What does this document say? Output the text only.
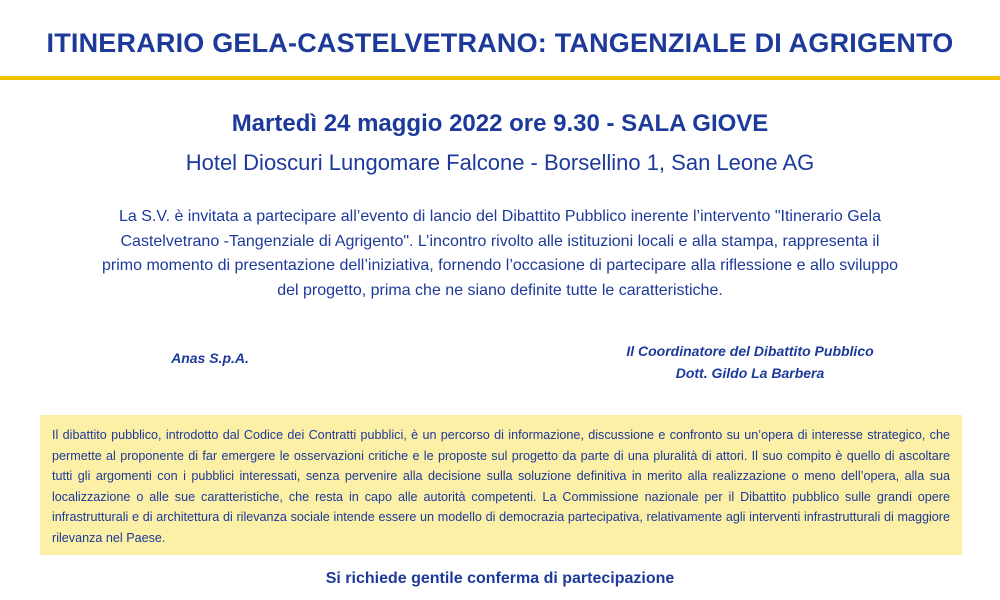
ITINERARIO GELA-CASTELVETRANO: TANGENZIALE DI AGRIGENTO
Martedì 24 maggio 2022 ore 9.30 - SALA GIOVE
Hotel Dioscuri Lungomare Falcone - Borsellino 1, San Leone AG

La S.V. è invitata a partecipare all’evento di lancio del Dibattito Pubblico inerente l’intervento "Itinerario Gela

Castelvetrano -Tangenziale di Agrigento". L’incontro rivolto alle istituzioni locali e alla stampa, rappresenta il

primo momento di presentazione dell’iniziativa, fornendo l’occasione di partecipare alla riflessione e allo sviluppo

del progetto, prima che ne siano definite tutte le caratteristiche.

Anas S.p.A.	Il Coordinatore del Dibattito Pubblico
Dott. Gildo La Barbera

Il dibattito pubblico, introdotto dal Codice dei Contratti pubblici, è un percorso di informazione, discussione e confronto su un’opera di interesse strategico, che permette al proponente di far emergere le osservazioni critiche e le proposte sul progetto da parte di una pluralità di attori. Il suo compito è quello di ascoltare tutti gli argomenti con i pubblici interessati, senza pervenire alla decisione sulla soluzione definitiva in merito alla realizzazione o meno dell’opera, alla sua localizzazione o alle sue caratteristiche, che resta in capo alle autorità competenti. La Commissione nazionale per il Dibattito pubblico sulle grandi opere infrastrutturali e di architettura di rilevanza sociale intende essere un modello di democrazia partecipativa, relativamente agli interventi infrastrutturali di maggiore rilevanza nel Paese.

Si richiede gentile conferma di partecipazione
